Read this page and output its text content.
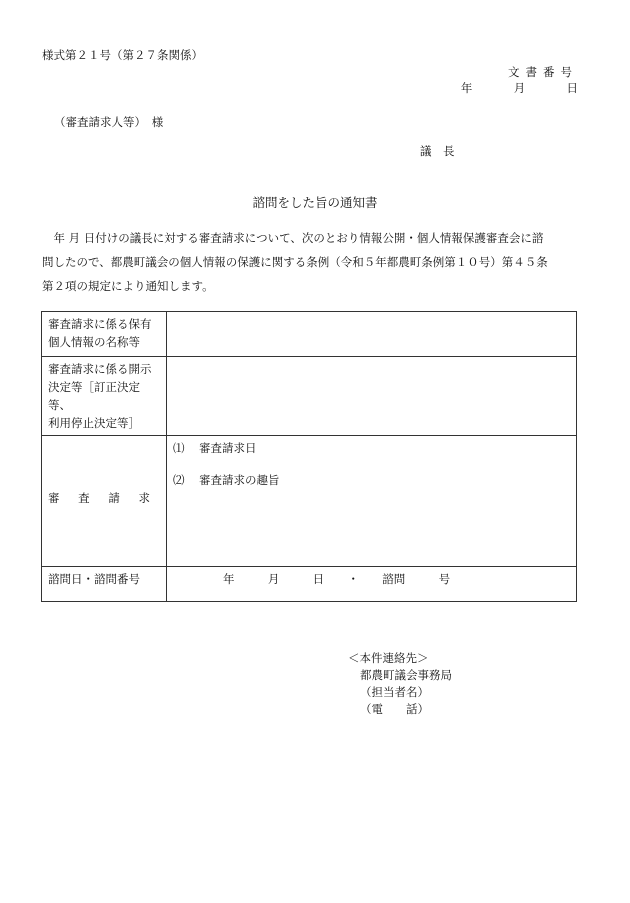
様式第２１号（第２７条関係）
文書番号
年	月	日
（審査請求人等）　様
議　長
諮問をした旨の通知書

　年 月 日付けの議長に対する審査請求について、次のとおり情報公開・個人情報保護審査会に諮

問したので、都農町議会の個人情報の保護に関する条例（令和５年都農町条例第１０号）第４５条

第２項の規定により通知します。

審査請求に係る保有
個人情報の名称等	

審査請求に係る開示
決定等［訂正決定等、
利用停止決定等］	

審 査 請 求	⑴ 審査請求日
⑵ 審査請求の趣旨

諮問日・諮問番号	年 月 日 ・ 諮問 号
＜本件連絡先＞
都農町議会事務局
（担当者名）
（電　　話）
